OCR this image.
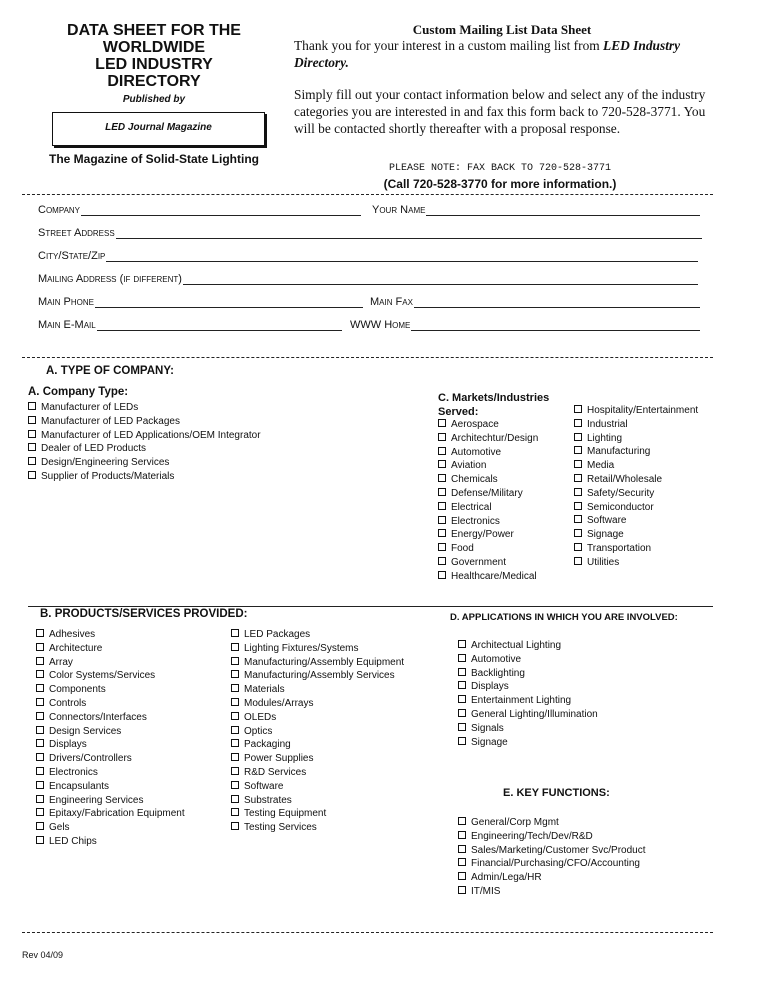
DATA SHEET FOR THE
WORLDWIDE
LED INDUSTRY
DIRECTORY
Published by
LED Journal Magazine
The Magazine of Solid-State Lighting
Custom Mailing List Data Sheet
Thank you for your interest in a custom mailing list from LED Industry Directory.
Simply fill out your contact information below and select any of the industry categories you are interested in and fax this form back to 720-528-3771. You will be contacted shortly thereafter with a proposal response.
PLEASE NOTE: FAX BACK TO 720-528-3771
(Call 720-528-3770 for more information.)
Company	Your Name
Street Address
City/State/Zip
Mailing Address (if different)
Main Phone	Main Fax
Main E-Mail	WWW Home
A. TYPE OF COMPANY:
A. Company Type:
Manufacturer of LEDs
Manufacturer of LED Packages
Manufacturer of LED Applications/OEM Integrator
Dealer of LED Products
Design/Engineering Services
Supplier of Products/Materials
C. Markets/Industries
Served:
Aerospace
Architechtur/Design
Automotive
Aviation
Chemicals
Defense/Military
Electrical
Electronics
Energy/Power
Food
Government
Healthcare/Medical
Hospitality/Entertainment
Industrial
Lighting
Manufacturing
Media
Retail/Wholesale
Safety/Security
Semiconductor
Software
Signage
Transportation
Utilities
B. PRODUCTS/SERVICES PROVIDED:	D. APPLICATIONS IN WHICH YOU ARE INVOLVED:
Adhesives
Architecture
Array
Color Systems/Services
Components
Controls
Connectors/Interfaces
Design Services
Displays
Drivers/Controllers
Electronics
Encapsulants
Engineering Services
Epitaxy/Fabrication Equipment
Gels
LED Chips
LED Packages
Lighting Fixtures/Systems
Manufacturing/Assembly Equipment
Manufacturing/Assembly Services
Materials
Modules/Arrays
OLEDs
Optics
Packaging
Power Supplies
R&D Services
Software
Substrates
Testing Equipment
Testing Services
Architectual Lighting
Automotive
Backlighting
Displays
Entertainment Lighting
General Lighting/Illumination
Signals
Signage
E. KEY FUNCTIONS:
General/Corp Mgmt
Engineering/Tech/Dev/R&D
Sales/Marketing/Customer Svc/Product
Financial/Purchasing/CFO/Accounting
Admin/Lega/HR
IT/MIS
Rev 04/09
